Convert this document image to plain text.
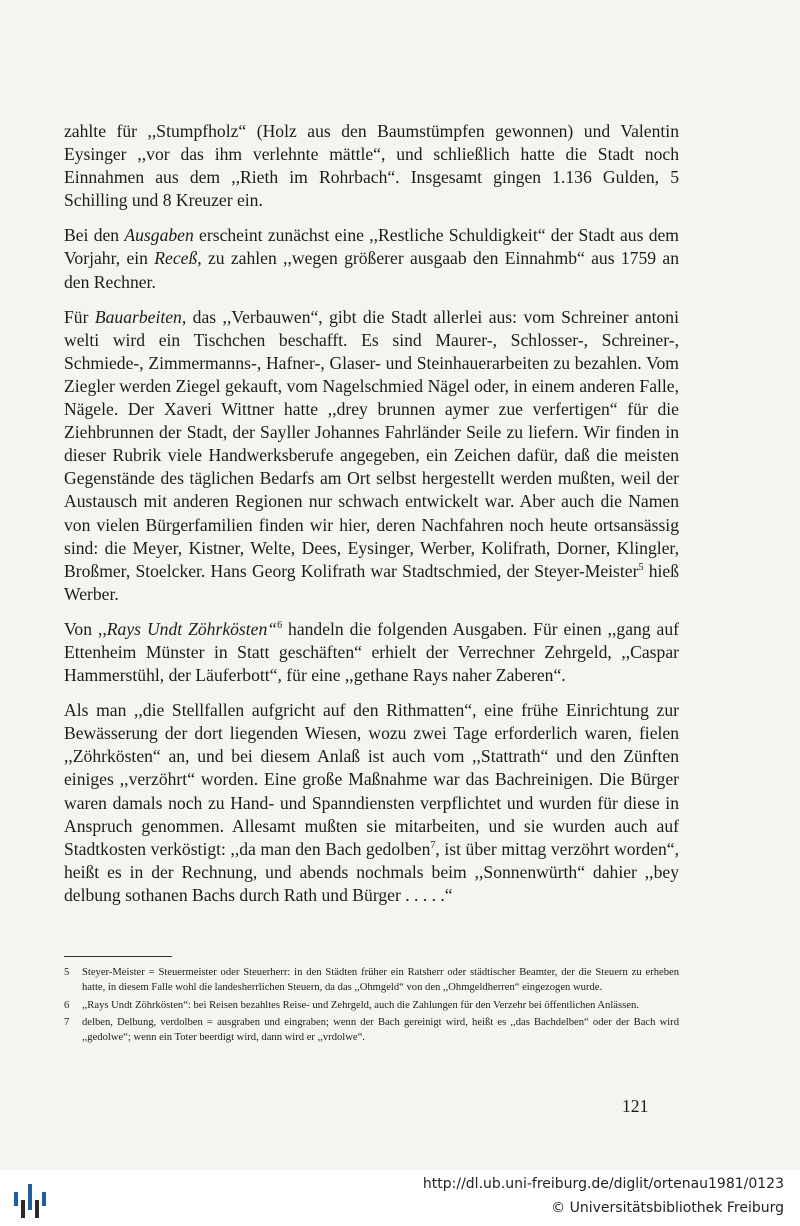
zahlte für ,,Stumpfholz“ (Holz aus den Baumstümpfen gewonnen) und Valentin Eysinger ,,vor das ihm verlehnte mättle“, und schließlich hatte die Stadt noch Einnahmen aus dem ,,Rieth im Rohrbach“. Insgesamt gingen 1.136 Gulden, 5 Schilling und 8 Kreuzer ein.

Bei den Ausgaben erscheint zunächst eine ,,Restliche Schuldigkeit“ der Stadt aus dem Vorjahr, ein Receß, zu zahlen ,,wegen größerer ausgaab den Einnahmb“ aus 1759 an den Rechner.

Für Bauarbeiten, das ,,Verbauwen“, gibt die Stadt allerlei aus: vom Schreiner antoni welti wird ein Tischchen beschafft. Es sind Maurer-, Schlosser-, Schreiner-, Schmiede-, Zimmermanns-, Hafner-, Glaser- und Steinhauerarbeiten zu bezahlen. Vom Ziegler werden Ziegel gekauft, vom Nagelschmied Nägel oder, in einem anderen Falle, Nägele. Der Xaveri Wittner hatte ,,drey brunnen aymer zue verfertigen“ für die Ziehbrunnen der Stadt, der Sayller Johannes Fahrländer Seile zu liefern. Wir finden in dieser Rubrik viele Handwerksberufe angegeben, ein Zeichen dafür, daß die meisten Gegenstände des täglichen Bedarfs am Ort selbst hergestellt werden mußten, weil der Austausch mit anderen Regionen nur schwach entwickelt war. Aber auch die Namen von vielen Bürgerfamilien finden wir hier, deren Nachfahren noch heute ortsansässig sind: die Meyer, Kistner, Welte, Dees, Eysinger, Werber, Kolifrath, Dorner, Klingler, Broßmer, Stoelcker. Hans Georg Kolifrath war Stadtschmied, der Steyer-Meister$^5$ hieß Werber.

Von ,,Rays Undt Zöhrkösten“$^6$ handeln die folgenden Ausgaben. Für einen ,,gang auf Ettenheim Münster in Statt geschäften“ erhielt der Verrechner Zehrgeld, ,,Caspar Hammerstühl, der Läuferbott“, für eine ,,gethane Rays naher Zaberen“.

Als man ,,die Stellfallen aufgricht auf den Rithmatten“, eine frühe Einrichtung zur Bewässerung der dort liegenden Wiesen, wozu zwei Tage erforderlich waren, fielen ,,Zöhrkösten“ an, und bei diesem Anlaß ist auch vom ,,Stattrath“ und den Zünften einiges ,,verzöhrt“ worden. Eine große Maßnahme war das Bachreinigen. Die Bürger waren damals noch zu Hand- und Spanndiensten verpflichtet und wurden für diese in Anspruch genommen. Allesamt mußten sie mitarbeiten, und sie wurden auch auf Stadtkosten verköstigt: ,,da man den Bach gedolben$^7$, ist über mittag verzöhrt worden“, heißt es in der Rechnung, und abends nochmals beim ,,Sonnenwürth“ dahier ,,bey delbung sothanen Bachs durch Rath und Bürger . . . . .“

5	Steyer-Meister = Steuermeister oder Steuerherr: in den Städten früher ein Ratsherr oder städtischer Beamter, der die Steuern zu erheben hatte, in diesem Falle wohl die landesherrlichen Steuern, da das ,,Ohmgeld“ von den ,,Ohmgeldherren“ eingezogen wurde.
6	,,Rays Undt Zöhrkösten“: bei Reisen bezahltes Reise- und Zehrgeld, auch die Zahlungen für den Verzehr bei öffentlichen Anlässen.
7	delben, Delbung, verdolben = ausgraben und eingraben; wenn der Bach gereinigt wird, heißt es ,,das Bachdelben“ oder der Bach wird ,,gedolwe“; wenn ein Toter beerdigt wird, dann wird er ,,vrdolwe“.
121
http://dl.ub.uni-freiburg.de/diglit/ortenau1981/0123
© Universitätsbibliothek Freiburg
